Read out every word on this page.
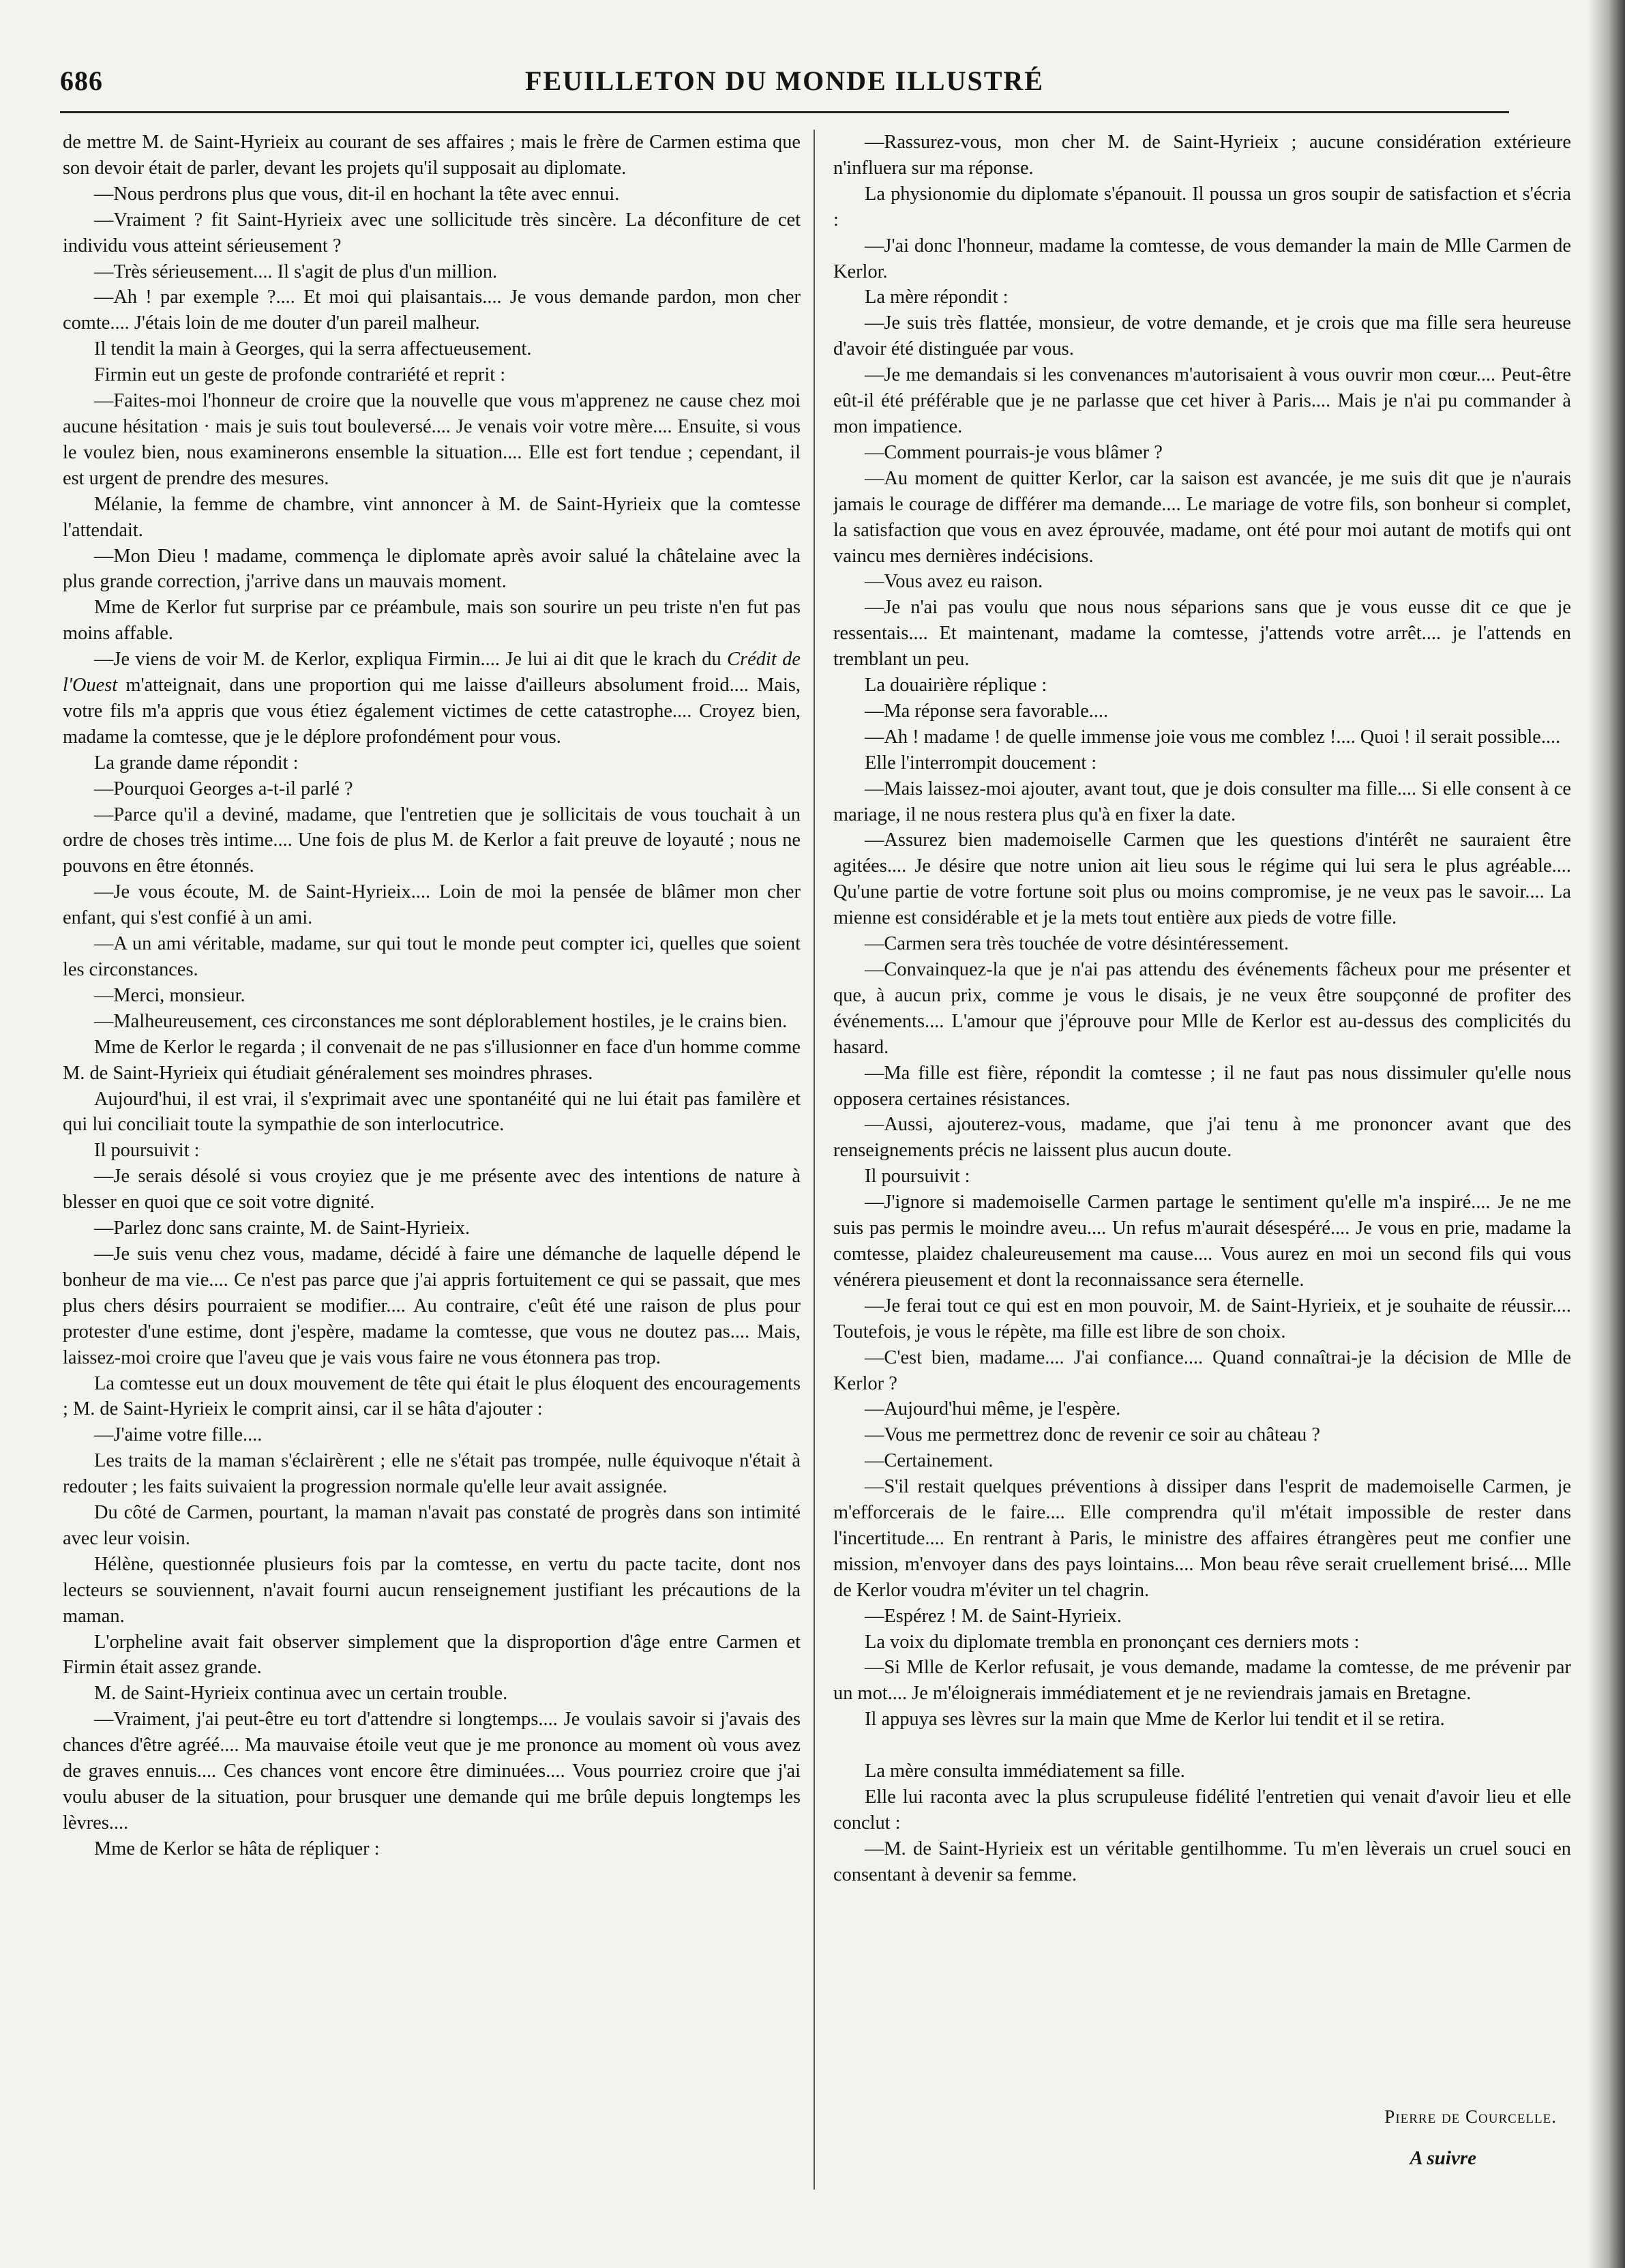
686	FEUILLETON DU MONDE ILLUSTRÉ

de mettre M. de Saint-Hyrieix au courant de ses affaires ; mais le frère de Carmen estima que son devoir était de parler, devant les projets qu'il supposait au diplomate.

—Nous perdrons plus que vous, dit-il en hochant la tête avec ennui.

—Vraiment ? fit Saint-Hyrieix avec une sollicitude très sincère. La déconfiture de cet individu vous atteint sérieusement ?

—Très sérieusement.... Il s'agit de plus d'un million.

—Ah ! par exemple ?.... Et moi qui plaisantais.... Je vous demande pardon, mon cher comte.... J'étais loin de me douter d'un pareil malheur.

Il tendit la main à Georges, qui la serra affectueusement.

Firmin eut un geste de profonde contrariété et reprit :

—Faites-moi l'honneur de croire que la nouvelle que vous m'apprenez ne cause chez moi aucune hésitation · mais je suis tout bouleversé.... Je venais voir votre mère.... Ensuite, si vous le voulez bien, nous examinerons ensemble la situation.... Elle est fort tendue ; cependant, il est urgent de prendre des mesures.

Mélanie, la femme de chambre, vint annoncer à M. de Saint-Hyrieix que la comtesse l'attendait.

—Mon Dieu ! madame, commença le diplomate après avoir salué la châtelaine avec la plus grande correction, j'arrive dans un mauvais moment.

Mme de Kerlor fut surprise par ce préambule, mais son sourire un peu triste n'en fut pas moins affable.

—Je viens de voir M. de Kerlor, expliqua Firmin.... Je lui ai dit que le krach du Crédit de l'Ouest m'atteignait, dans une proportion qui me laisse d'ailleurs absolument froid.... Mais, votre fils m'a appris que vous étiez également victimes de cette catastrophe.... Croyez bien, madame la comtesse, que je le déplore profondément pour vous.

La grande dame répondit :

—Pourquoi Georges a-t-il parlé ?

—Parce qu'il a deviné, madame, que l'entretien que je sollicitais de vous touchait à un ordre de choses très intime.... Une fois de plus M. de Kerlor a fait preuve de loyauté ; nous ne pouvons en être étonnés.

—Je vous écoute, M. de Saint-Hyrieix.... Loin de moi la pensée de blâmer mon cher enfant, qui s'est confié à un ami.

—A un ami véritable, madame, sur qui tout le monde peut compter ici, quelles que soient les circonstances.

—Merci, monsieur.

—Malheureusement, ces circonstances me sont déplorablement hostiles, je le crains bien.

Mme de Kerlor le regarda ; il convenait de ne pas s'illusionner en face d'un homme comme M. de Saint-Hyrieix qui étudiait généralement ses moindres phrases.

Aujourd'hui, il est vrai, il s'exprimait avec une spontanéité qui ne lui était pas familère et qui lui conciliait toute la sympathie de son interlocutrice.

Il poursuivit :

—Je serais désolé si vous croyiez que je me présente avec des intentions de nature à blesser en quoi que ce soit votre dignité.

—Parlez donc sans crainte, M. de Saint-Hyrieix.

—Je suis venu chez vous, madame, décidé à faire une démanche de laquelle dépend le bonheur de ma vie.... Ce n'est pas parce que j'ai appris fortuitement ce qui se passait, que mes plus chers désirs pourraient se modifier.... Au contraire, c'eût été une raison de plus pour protester d'une estime, dont j'espère, madame la comtesse, que vous ne doutez pas.... Mais, laissez-moi croire que l'aveu que je vais vous faire ne vous étonnera pas trop.

La comtesse eut un doux mouvement de tête qui était le plus éloquent des encouragements ; M. de Saint-Hyrieix le comprit ainsi, car il se hâta d'ajouter :

—J'aime votre fille....

Les traits de la maman s'éclairèrent ; elle ne s'était pas trompée, nulle équivoque n'était à redouter ; les faits suivaient la progression normale qu'elle leur avait assignée.

Du côté de Carmen, pourtant, la maman n'avait pas constaté de progrès dans son intimité avec leur voisin.

Hélène, questionnée plusieurs fois par la comtesse, en vertu du pacte tacite, dont nos lecteurs se souviennent, n'avait fourni aucun renseignement justifiant les précautions de la maman.

L'orpheline avait fait observer simplement que la disproportion d'âge entre Carmen et Firmin était assez grande.

M. de Saint-Hyrieix continua avec un certain trouble.

—Vraiment, j'ai peut-être eu tort d'attendre si longtemps.... Je voulais savoir si j'avais des chances d'être agréé.... Ma mauvaise étoile veut que je me prononce au moment où vous avez de graves ennuis.... Ces chances vont encore être diminuées.... Vous pourriez croire que j'ai voulu abuser de la situation, pour brusquer une demande qui me brûle depuis longtemps les lèvres....

Mme de Kerlor se hâta de répliquer :

—Rassurez-vous, mon cher M. de Saint-Hyrieix ; aucune considération extérieure n'influera sur ma réponse.

La physionomie du diplomate s'épanouit. Il poussa un gros soupir de satisfaction et s'écria :

—J'ai donc l'honneur, madame la comtesse, de vous demander la main de Mlle Carmen de Kerlor.

La mère répondit :

—Je suis très flattée, monsieur, de votre demande, et je crois que ma fille sera heureuse d'avoir été distinguée par vous.

—Je me demandais si les convenances m'autorisaient à vous ouvrir mon cœur.... Peut-être eût-il été préférable que je ne parlasse que cet hiver à Paris.... Mais je n'ai pu commander à mon impatience.

—Comment pourrais-je vous blâmer ?

—Au moment de quitter Kerlor, car la saison est avancée, je me suis dit que je n'aurais jamais le courage de différer ma demande.... Le mariage de votre fils, son bonheur si complet, la satisfaction que vous en avez éprouvée, madame, ont été pour moi autant de motifs qui ont vaincu mes dernières indécisions.

—Vous avez eu raison.

—Je n'ai pas voulu que nous nous séparions sans que je vous eusse dit ce que je ressentais.... Et maintenant, madame la comtesse, j'attends votre arrêt.... je l'attends en tremblant un peu.

La douairière réplique :

—Ma réponse sera favorable....

—Ah ! madame ! de quelle immense joie vous me comblez !.... Quoi ! il serait possible....

Elle l'interrompit doucement :

—Mais laissez-moi ajouter, avant tout, que je dois consulter ma fille.... Si elle consent à ce mariage, il ne nous restera plus qu'à en fixer la date.

—Assurez bien mademoiselle Carmen que les questions d'intérêt ne sauraient être agitées.... Je désire que notre union ait lieu sous le régime qui lui sera le plus agréable.... Qu'une partie de votre fortune soit plus ou moins compromise, je ne veux pas le savoir.... La mienne est considérable et je la mets tout entière aux pieds de votre fille.

—Carmen sera très touchée de votre désintéressement.

—Convainquez-la que je n'ai pas attendu des événements fâcheux pour me présenter et que, à aucun prix, comme je vous le disais, je ne veux être soupçonné de profiter des événements.... L'amour que j'éprouve pour Mlle de Kerlor est au-dessus des complicités du hasard.

—Ma fille est fière, répondit la comtesse ; il ne faut pas nous dissimuler qu'elle nous opposera certaines résistances.

—Aussi, ajouterez-vous, madame, que j'ai tenu à me prononcer avant que des renseignements précis ne laissent plus aucun doute.

Il poursuivit :

—J'ignore si mademoiselle Carmen partage le sentiment qu'elle m'a inspiré.... Je ne me suis pas permis le moindre aveu.... Un refus m'aurait désespéré.... Je vous en prie, madame la comtesse, plaidez chaleureusement ma cause.... Vous aurez en moi un second fils qui vous vénérera pieusement et dont la reconnaissance sera éternelle.

—Je ferai tout ce qui est en mon pouvoir, M. de Saint-Hyrieix, et je souhaite de réussir.... Toutefois, je vous le répète, ma fille est libre de son choix.

—C'est bien, madame.... J'ai confiance.... Quand connaîtrai-je la décision de Mlle de Kerlor ?

—Aujourd'hui même, je l'espère.

—Vous me permettrez donc de revenir ce soir au château ?

—Certainement.

—S'il restait quelques préventions à dissiper dans l'esprit de mademoiselle Carmen, je m'efforcerais de le faire.... Elle comprendra qu'il m'était impossible de rester dans l'incertitude.... En rentrant à Paris, le ministre des affaires étrangères peut me confier une mission, m'envoyer dans des pays lointains.... Mon beau rêve serait cruellement brisé.... Mlle de Kerlor voudra m'éviter un tel chagrin.

—Espérez ! M. de Saint-Hyrieix.

La voix du diplomate trembla en prononçant ces derniers mots :

—Si Mlle de Kerlor refusait, je vous demande, madame la comtesse, de me prévenir par un mot.... Je m'éloignerais immédiatement et je ne reviendrais jamais en Bretagne.

Il appuya ses lèvres sur la main que Mme de Kerlor lui tendit et il se retira.

La mère consulta immédiatement sa fille.

Elle lui raconta avec la plus scrupuleuse fidélité l'entretien qui venait d'avoir lieu et elle conclut :

—M. de Saint-Hyrieix est un véritable gentilhomme. Tu m'en lèverais un cruel souci en consentant à devenir sa femme.

Pierre de Courcelle.
A suivre
